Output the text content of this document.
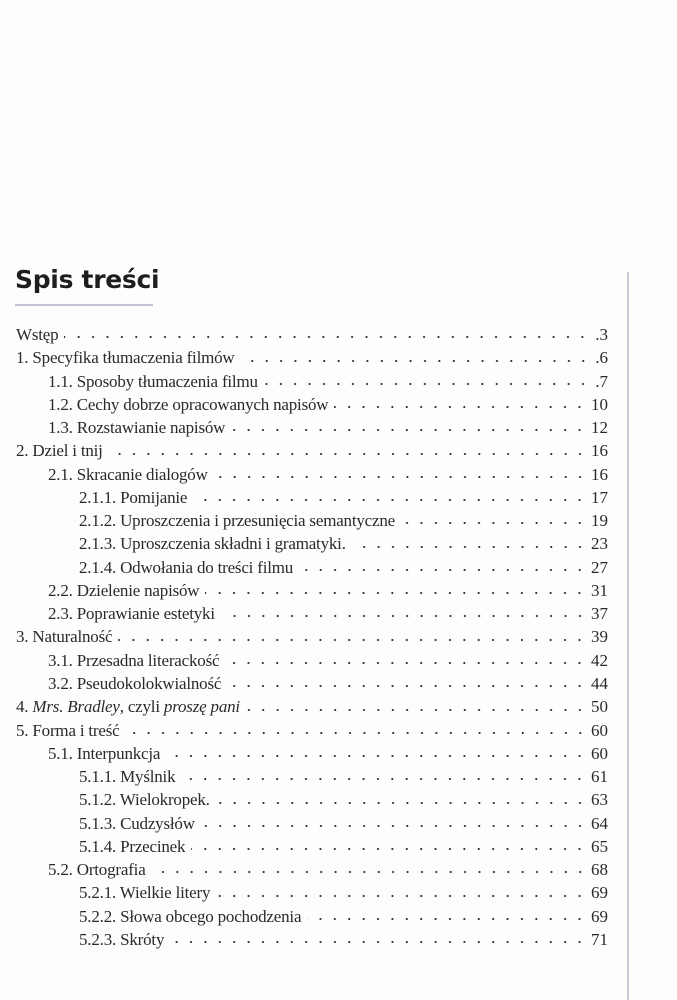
Spis treści
Wstęp	.3
1. Specyfika tłumaczenia filmów	.6
1.1. Sposoby tłumaczenia filmu	.7
1.2. Cechy dobrze opracowanych napisów	10
1.3. Rozstawianie napisów	12
2. Dziel i tnij	16
2.1. Skracanie dialogów	16
2.1.1. Pomijanie	17
2.1.2. Uproszczenia i przesunięcia semantyczne	19
2.1.3. Uproszczenia składni i gramatyki.	23
2.1.4. Odwołania do treści filmu	27
2.2. Dzielenie napisów	31
2.3. Poprawianie estetyki	37
3. Naturalność	39
3.1. Przesadna literackość	42
3.2. Pseudokolokwialność	44
4. Mrs. Bradley, czyli proszę pani	50
5. Forma i treść	60
5.1. Interpunkcja	60
5.1.1. Myślnik	61
5.1.2. Wielokropek.	63
5.1.3. Cudzysłów	64
5.1.4. Przecinek	65
5.2. Ortografia	68
5.2.1. Wielkie litery	69
5.2.2. Słowa obcego pochodzenia	69
5.2.3. Skróty	71
